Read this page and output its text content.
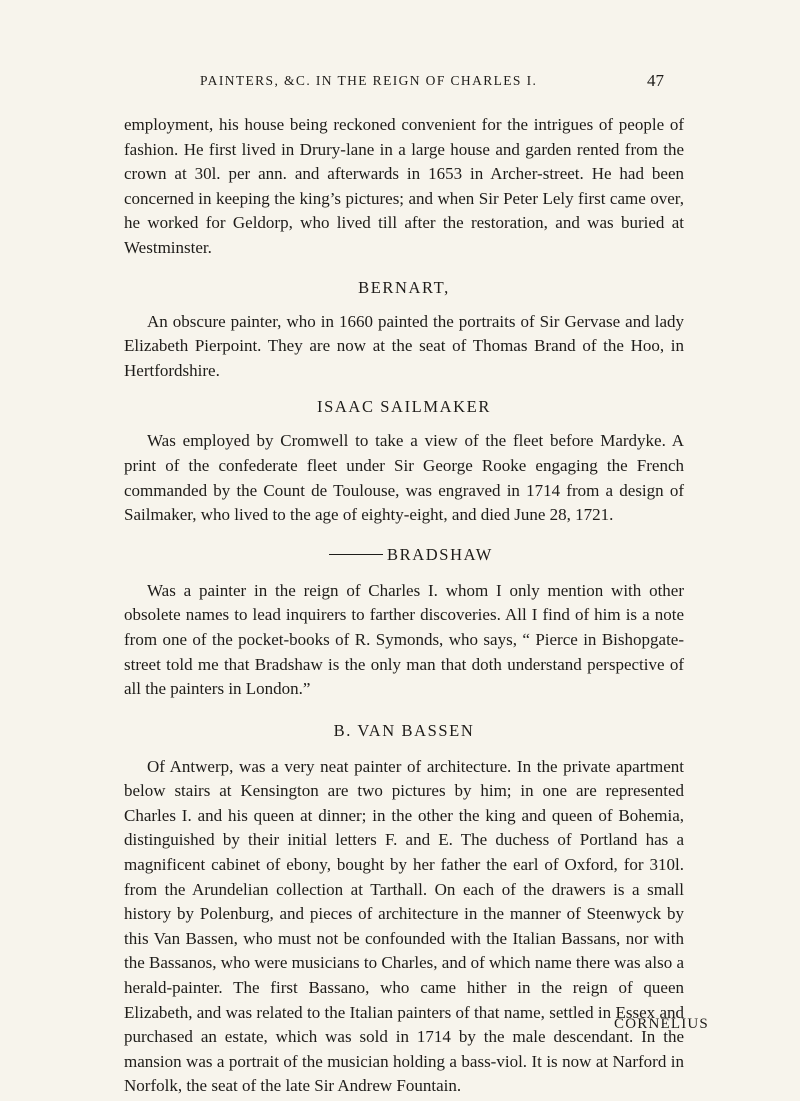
PAINTERS, &C. IN THE REIGN OF CHARLES I.	47

employment, his house being reckoned convenient for the intrigues of people of fashion. He first lived in Drury-lane in a large house and garden rented from the crown at 30l. per ann. and afterwards in 1653 in Archer-street. He had been concerned in keeping the king’s pictures; and when Sir Peter Lely first came over, he worked for Geldorp, who lived till after the restoration, and was buried at Westminster.

BERNART,

An obscure painter, who in 1660 painted the portraits of Sir Gervase and lady Elizabeth Pierpoint. They are now at the seat of Thomas Brand of the Hoo, in Hertfordshire.

ISAAC SAILMAKER

Was employed by Cromwell to take a view of the fleet before Mardyke. A print of the confederate fleet under Sir George Rooke engaging the French commanded by the Count de Toulouse, was engraved in 1714 from a design of Sailmaker, who lived to the age of eighty-eight, and died June 28, 1721.

BRADSHAW

Was a painter in the reign of Charles I. whom I only mention with other obsolete names to lead inquirers to farther discoveries. All I find of him is a note from one of the pocket-books of R. Symonds, who says, “ Pierce in Bishopgate-street told me that Bradshaw is the only man that doth understand perspective of all the painters in London.”

B. VAN BASSEN

Of Antwerp, was a very neat painter of architecture. In the private apartment below stairs at Kensington are two pictures by him; in one are represented Charles I. and his queen at dinner; in the other the king and queen of Bohemia, distinguished by their initial letters F. and E. The duchess of Portland has a magnificent cabinet of ebony, bought by her father the earl of Oxford, for 310l. from the Arundelian collection at Tarthall. On each of the drawers is a small history by Polenburg, and pieces of architecture in the manner of Steenwyck by this Van Bassen, who must not be confounded with the Italian Bassans, nor with the Bassanos, who were musicians to Charles, and of which name there was also a herald-painter. The first Bassano, who came hither in the reign of queen Elizabeth, and was related to the Italian painters of that name, settled in Essex and purchased an estate, which was sold in 1714 by the male descendant. In the mansion was a portrait of the musician holding a bass-viol. It is now at Narford in Norfolk, the seat of the late Sir Andrew Fountain.

CORNELIUS
